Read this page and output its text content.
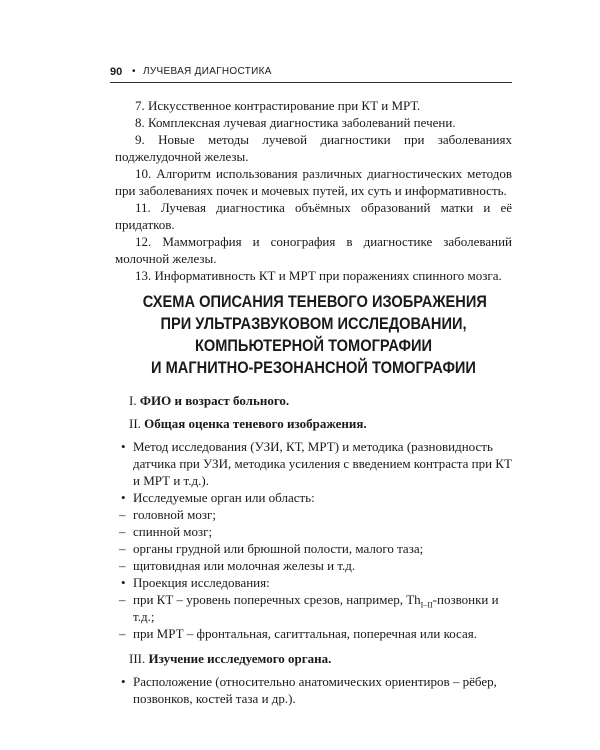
90 • ЛУЧЕВАЯ ДИАГНОСТИКА

7. Искусственное контрастирование при КТ и МРТ.

8. Комплексная лучевая диагностика заболеваний печени.

9. Новые методы лучевой диагностики при заболеваниях поджелудочной железы.

10. Алгоритм использования различных диагностических методов при заболеваниях почек и мочевых путей, их суть и информативность.

11. Лучевая диагностика объёмных образований матки и её придатков.

12. Маммография и сонография в диагностике заболеваний молочной железы.

13. Информативность КТ и МРТ при поражениях спинного мозга.

СХЕМА ОПИСАНИЯ ТЕНЕВОГО ИЗОБРАЖЕНИЯ
ПРИ УЛЬТРАЗВУКОВОМ ИССЛЕДОВАНИИ,
КОМПЬЮТЕРНОЙ ТОМОГРАФИИ
И МАГНИТНО-РЕЗОНАНСНОЙ ТОМОГРАФИИ

I. ФИО и возраст больного.

II. Общая оценка теневого изображения.

• Метод исследования (УЗИ, КТ, МРТ) и методика (разновидность датчика при УЗИ, методика усиления с введением контраста при КТ и МРТ и т.д.).
• Исследуемые орган или область:
– головной мозг;
– спинной мозг;
– органы грудной или брюшной полости, малого таза;
– щитовидная или молочная железы и т.д.
• Проекция исследования:
– при КТ – уровень поперечных срезов, например, $Th_{I-II}$-позвонки и т.д.;
– при МРТ – фронтальная, сагиттальная, поперечная или косая.

III. Изучение исследуемого органа.

• Расположение (относительно анатомических ориентиров – рёбер, позвонков, костей таза и др.).
